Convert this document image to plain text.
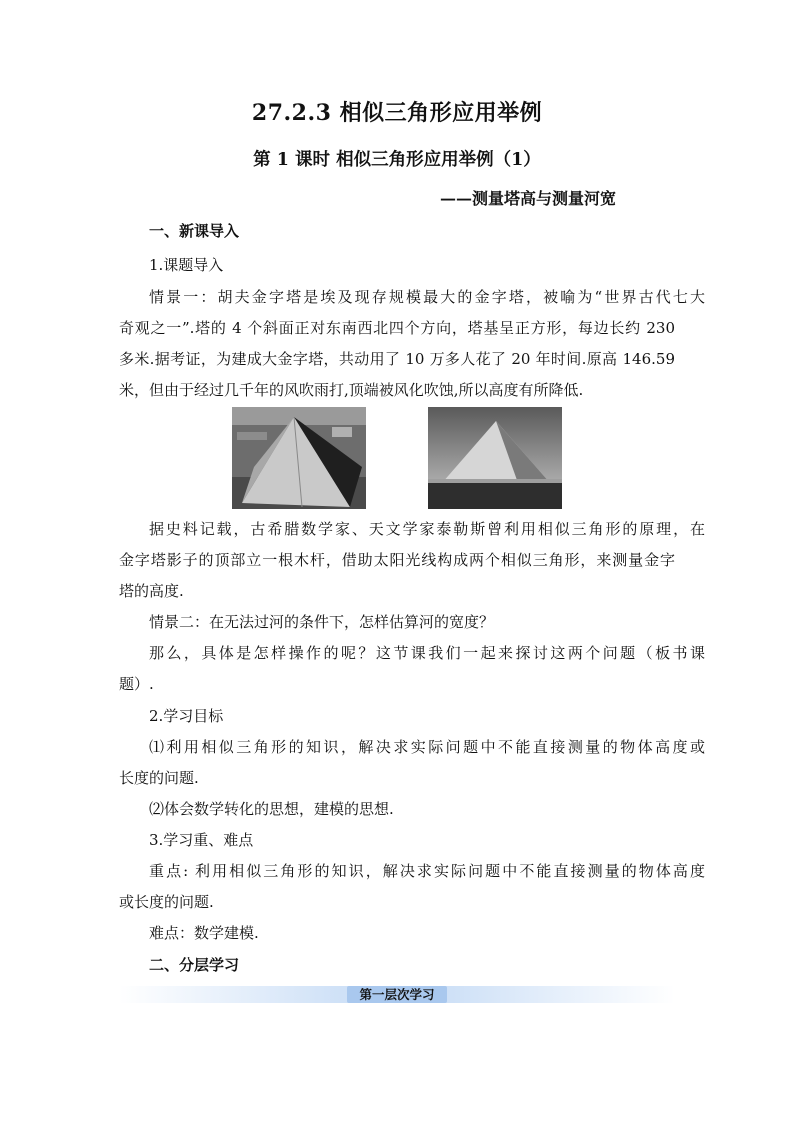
27.2.3 相似三角形应用举例
第 1 课时 相似三角形应用举例（1）
——测量塔高与测量河宽
一、新课导入
1.课题导入
情景一：胡夫金字塔是埃及现存规模最大的金字塔，被喻为“世界古代七大
奇观之一”.塔的 4 个斜面正对东南西北四个方向，塔基呈正方形，每边长约 230
多米.据考证，为建成大金字塔，共动用了 10 万多人花了 20 年时间.原高 146.59
米，但由于经过几千年的风吹雨打,顶端被风化吹蚀,所以高度有所降低.
据史料记载，古希腊数学家、天文学家泰勒斯曾利用相似三角形的原理，在
金字塔影子的顶部立一根木杆，借助太阳光线构成两个相似三角形，来测量金字
塔的高度.
情景二：在无法过河的条件下，怎样估算河的宽度？
那么，具体是怎样操作的呢？这节课我们一起来探讨这两个问题（板书课
题）.
2.学习目标
⑴利用相似三角形的知识，解决求实际问题中不能直接测量的物体高度或
长度的问题.
⑵体会数学转化的思想，建模的思想.
3.学习重、难点
重点: 利用相似三角形的知识，解决求实际问题中不能直接测量的物体高度
或长度的问题.
难点：数学建模.
二、分层学习
第一层次学习
